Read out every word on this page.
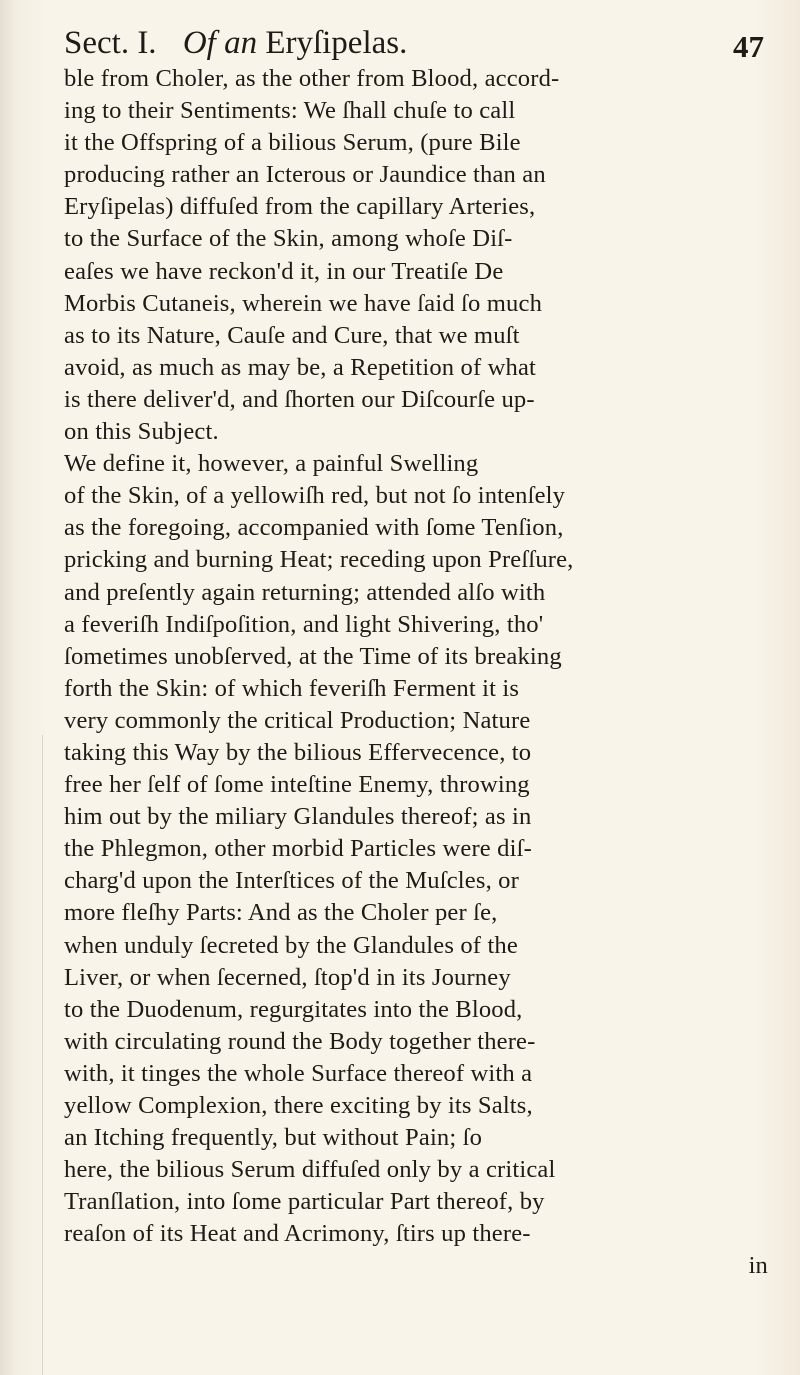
Sect. I. Of an Eryſipelas.	47
ble from Choler, as the other from Blood, accord-
ing to their Sentiments: We ſhall chuſe to call
it the Offspring of a bilious Serum, (pure Bile
producing rather an Icterous or Jaundice than an
Eryſipelas) diffuſed from the capillary Arteries,
to the Surface of the Skin, among whoſe Diſ-
eaſes we have reckon'd it, in our Treatiſe De
Morbis Cutaneis, wherein we have ſaid ſo much
as to its Nature, Cauſe and Cure, that we muſt
avoid, as much as may be, a Repetition of what
is there deliver'd, and ſhorten our Diſcourſe up-
on this Subject.
We define it, however, a painful Swelling
of the Skin, of a yellowiſh red, but not ſo intenſely
as the foregoing, accompanied with ſome Tenſion,
pricking and burning Heat; receding upon Preſſure,
and preſently again returning; attended alſo with
a feveriſh Indiſpoſition, and light Shivering, tho'
ſometimes unobſerved, at the Time of its breaking
forth the Skin: of which feveriſh Ferment it is
very commonly the critical Production; Nature
taking this Way by the bilious Effervecence, to
free her ſelf of ſome inteſtine Enemy, throwing
him out by the miliary Glandules thereof; as in
the Phlegmon, other morbid Particles were diſ-
charg'd upon the Interſtices of the Muſcles, or
more fleſhy Parts: And as the Choler per ſe,
when unduly ſecreted by the Glandules of the
Liver, or when ſecerned, ſtop'd in its Journey
to the Duodenum, regurgitates into the Blood,
with circulating round the Body together there-
with, it tinges the whole Surface thereof with a
yellow Complexion, there exciting by its Salts,
an Itching frequently, but without Pain; ſo
here, the bilious Serum diffuſed only by a critical
Tranſlation, into ſome particular Part thereof, by
reaſon of its Heat and Acrimony, ſtirs up there-
in
